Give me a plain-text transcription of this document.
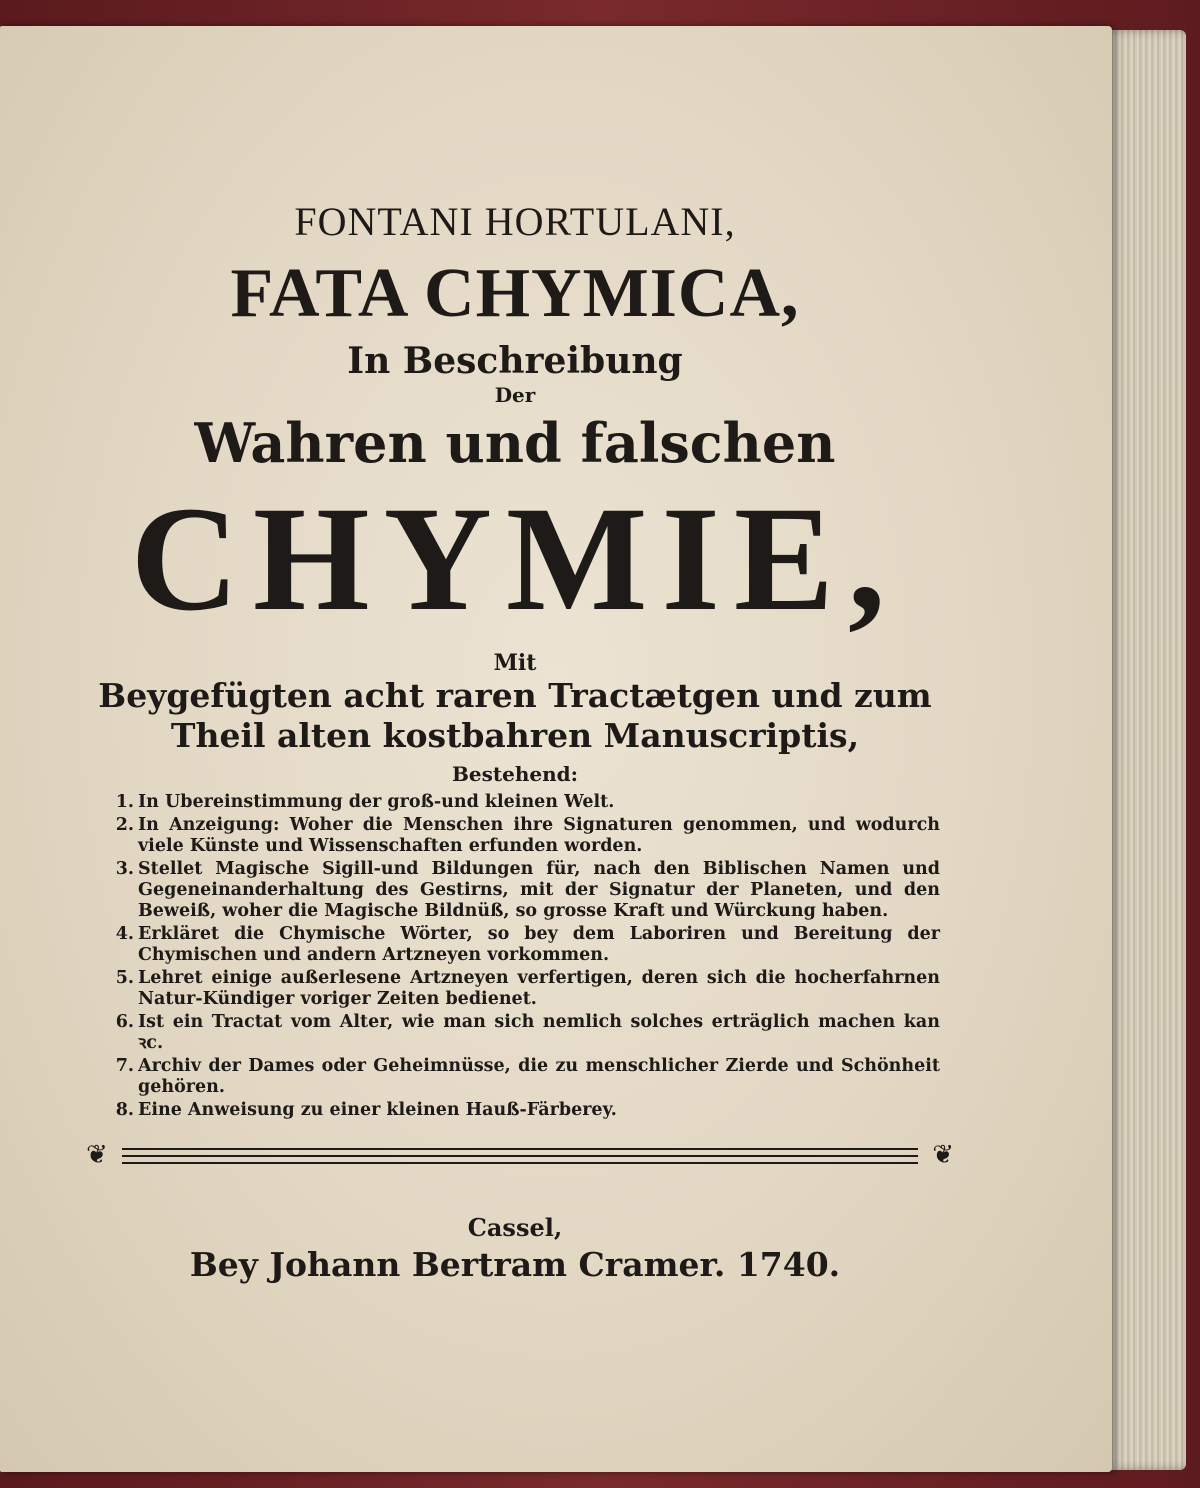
FONTANI HORTULANI,
FATA CHYMICA,
In Beschreibung
Der
Wahren und falschen
CHYMIE,
Mit
Beygefügten acht raren Tractætgen und zum
Theil alten kostbahren Manuscriptis,
Bestehend:
1. In Ubereinstimmung der groß-und kleinen Welt.
2. In Anzeigung: Woher die Menschen ihre Signaturen genommen, und wodurch viele Künste und Wissenschaften erfunden worden.
3. Stellet Magische Sigill-und Bildungen für, nach den Biblischen Namen und Gegeneinanderhaltung des Gestirns, mit der Signatur der Planeten, und den Beweiß, woher die Magische Bildnüß, so grosse Kraft und Würckung haben.
4. Erkläret die Chymische Wörter, so bey dem Laboriren und Bereitung der Chymischen und andern Artzneyen vorkommen.
5. Lehret einige außerlesene Artzneyen verfertigen, deren sich die hocherfahrnen Natur-Kündiger voriger Zeiten bedienet.
6. Ist ein Tractat vom Alter, wie man sich nemlich solches erträglich machen kan ꝛc.
7. Archiv der Dames oder Geheimnüsse, die zu menschlicher Zierde und Schönheit gehören.
8. Eine Anweisung zu einer kleinen Hauß-Färberey.
❦	❦
Cassel,
Bey Johann Bertram Cramer. 1740.
